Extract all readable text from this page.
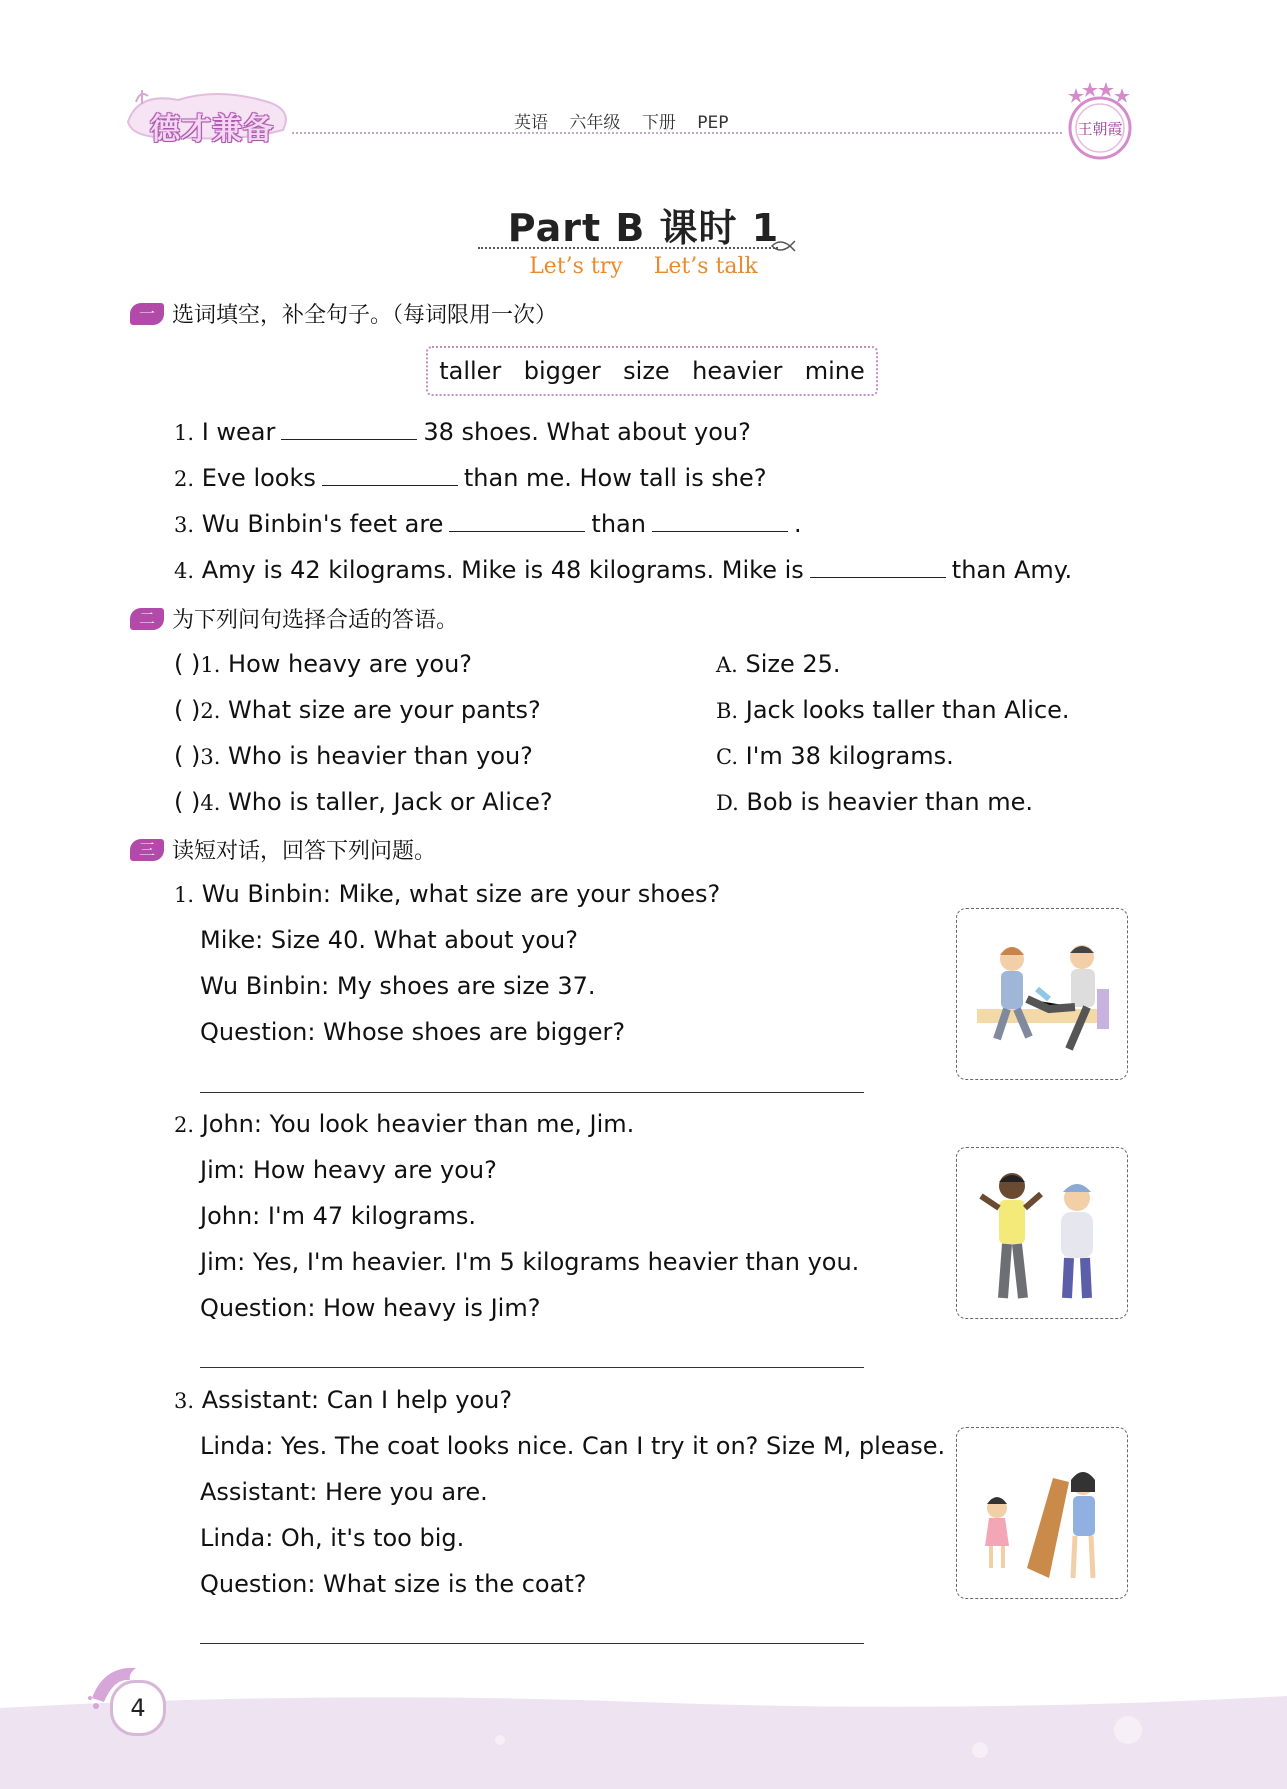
德才兼备	英语 六年级 下册 PEP	王朝霞
Part B 课时 1
Let’s try Let’s talk
一 选词填空，补全句子。（每词限用一次）
taller bigger size heavier mine
1. I wear	38 shoes. What about you?
2. Eve looks	than me. How tall is she?
3. Wu Binbin's feet are	than	.
4. Amy is 42 kilograms. Mike is 48 kilograms. Mike is	than Amy.
二 为下列问句选择合适的答语。
( )1. How heavy are you?
( )2. What size are your pants?
( )3. Who is heavier than you?
( )4. Who is taller, Jack or Alice?
A. Size 25.
B. Jack looks taller than Alice.
C. I'm 38 kilograms.
D. Bob is heavier than me.
三 读短对话，回答下列问题。
1. Wu Binbin: Mike, what size are your shoes?
Mike: Size 40. What about you?
Wu Binbin: My shoes are size 37.
Question: Whose shoes are bigger?
2. John: You look heavier than me, Jim.
Jim: How heavy are you?
John: I'm 47 kilograms.
Jim: Yes, I'm heavier. I'm 5 kilograms heavier than you.
Question: How heavy is Jim?
3. Assistant: Can I help you?
Linda: Yes. The coat looks nice. Can I try it on? Size M, please.
Assistant: Here you are.
Linda: Oh, it's too big.
Question: What size is the coat?
4
